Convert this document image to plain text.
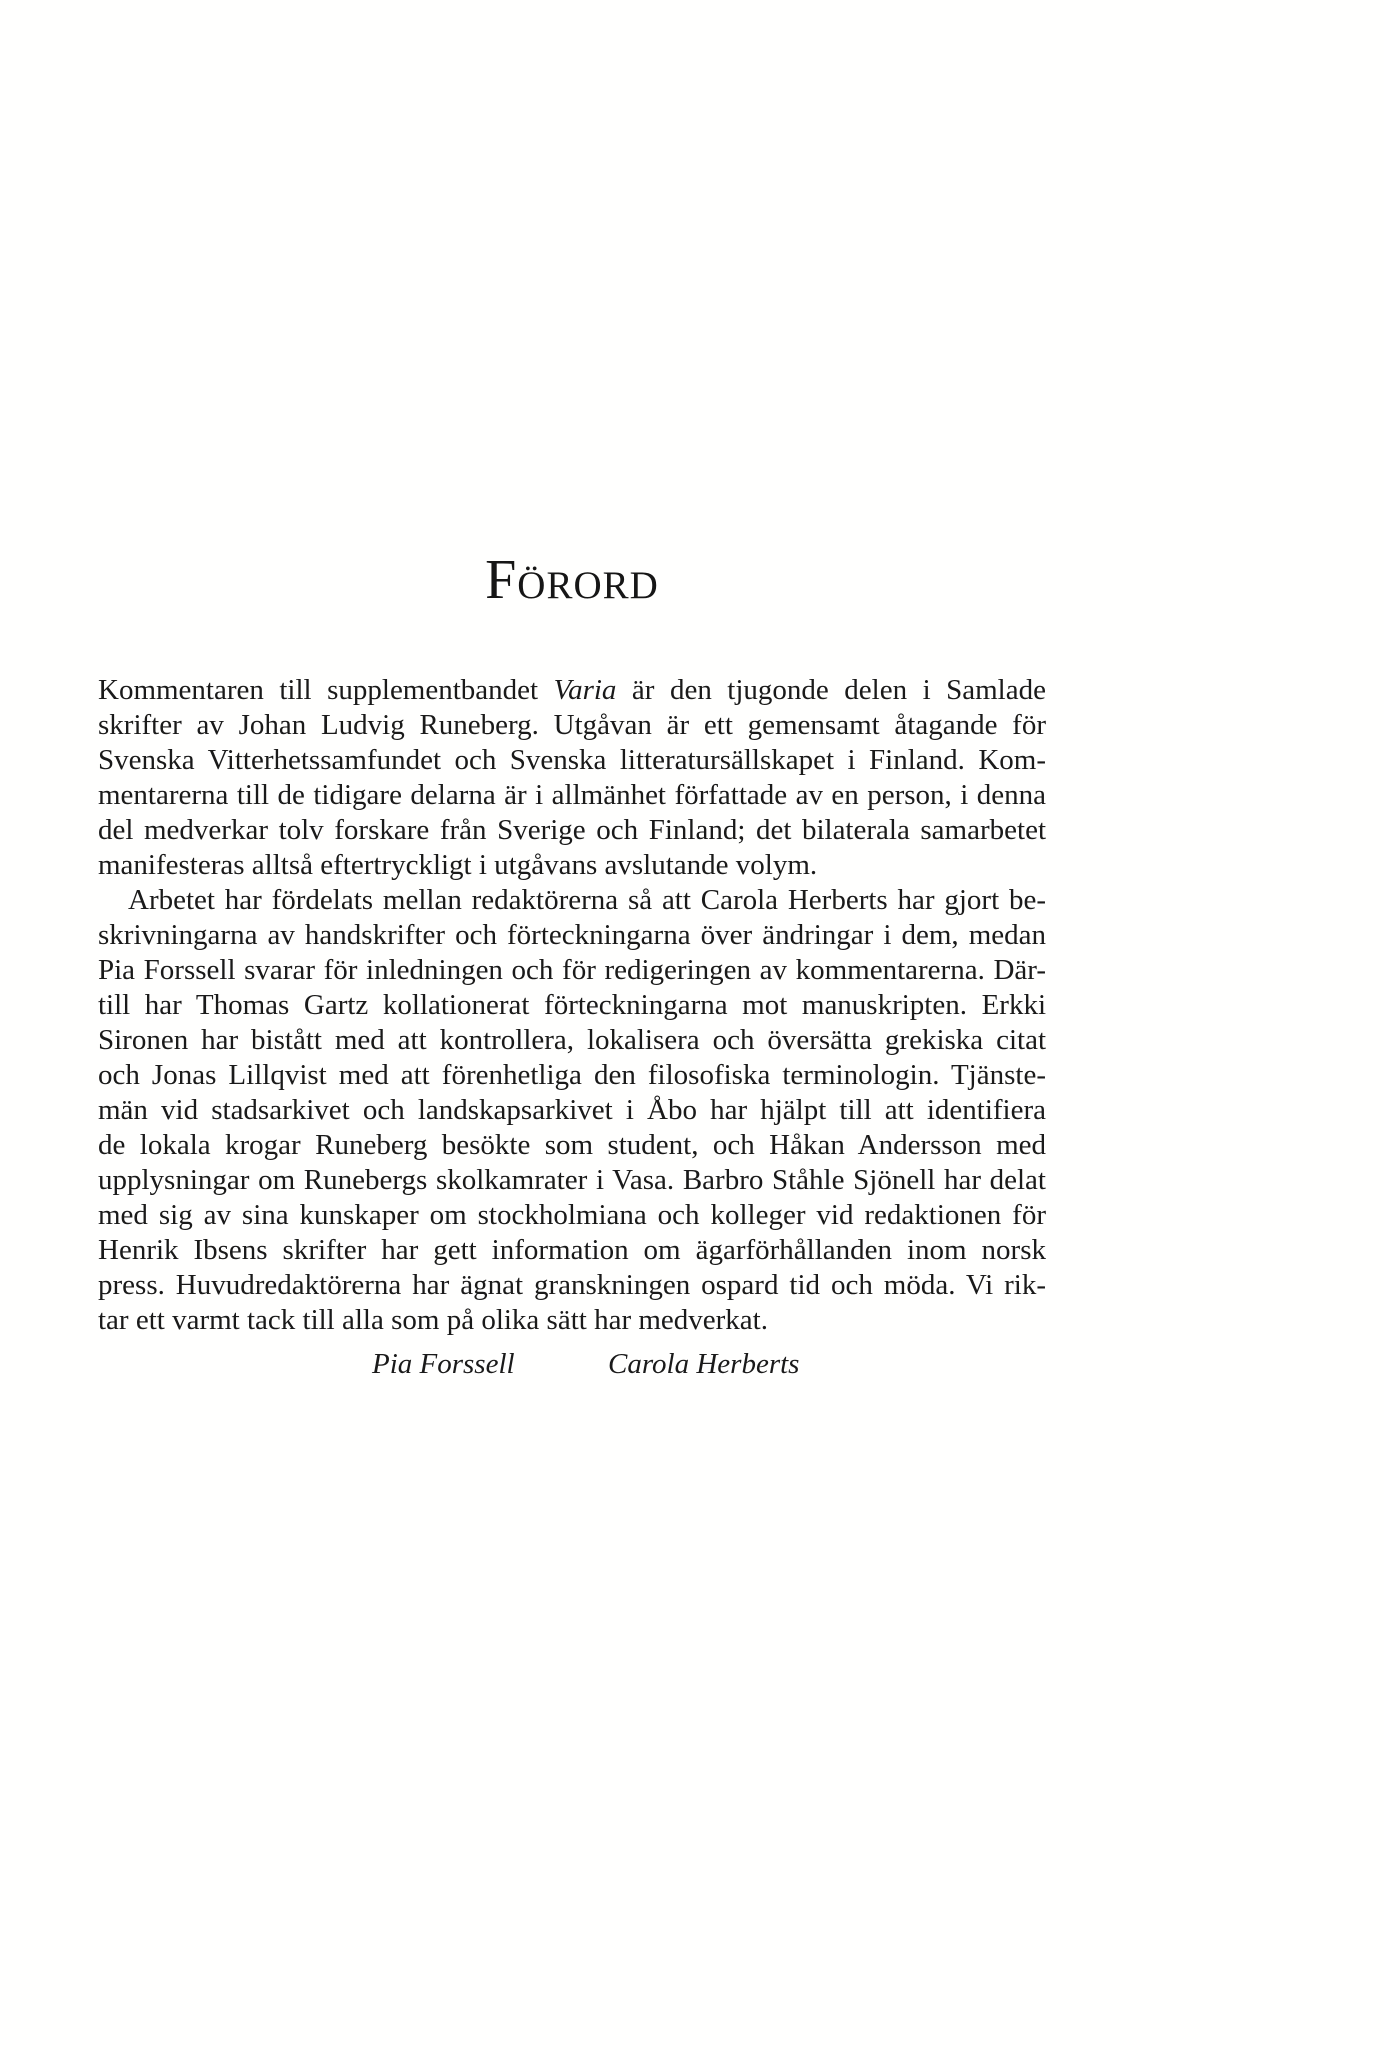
Förord
Kommentaren till supplementbandet Varia är den tjugonde delen i Samlade
skrifter av Johan Ludvig Runeberg. Utgåvan är ett gemensamt åtagande för
Svenska Vitterhetssamfundet och Svenska litteratursällskapet i Finland. Kom-
mentarerna till de tidigare delarna är i allmänhet författade av en person, i denna
del medverkar tolv forskare från Sverige och Finland; det bilaterala samarbetet
manifesteras alltså eftertryckligt i utgåvans avslutande volym.
Arbetet har fördelats mellan redaktörerna så att Carola Herberts har gjort be-
skrivningarna av handskrifter och förteckningarna över ändringar i dem, medan
Pia Forssell svarar för inledningen och för redigeringen av kommentarerna. Där-
till har Thomas Gartz kollationerat förteckningarna mot manuskripten. Erkki
Sironen har bistått med att kontrollera, lokalisera och översätta grekiska citat
och Jonas Lillqvist med att förenhetliga den filosofiska terminologin. Tjänste-
män vid stadsarkivet och landskapsarkivet i Åbo har hjälpt till att identifiera
de lokala krogar Runeberg besökte som student, och Håkan Andersson med
upplysningar om Runebergs skolkamrater i Vasa. Barbro Ståhle Sjönell har delat
med sig av sina kunskaper om stockholmiana och kolleger vid redaktionen för
Henrik Ibsens skrifter har gett information om ägarförhållanden inom norsk
press. Huvudredaktörerna har ägnat granskningen ospard tid och möda. Vi rik-
tar ett varmt tack till alla som på olika sätt har medverkat.
Pia Forssell	Carola Herberts
